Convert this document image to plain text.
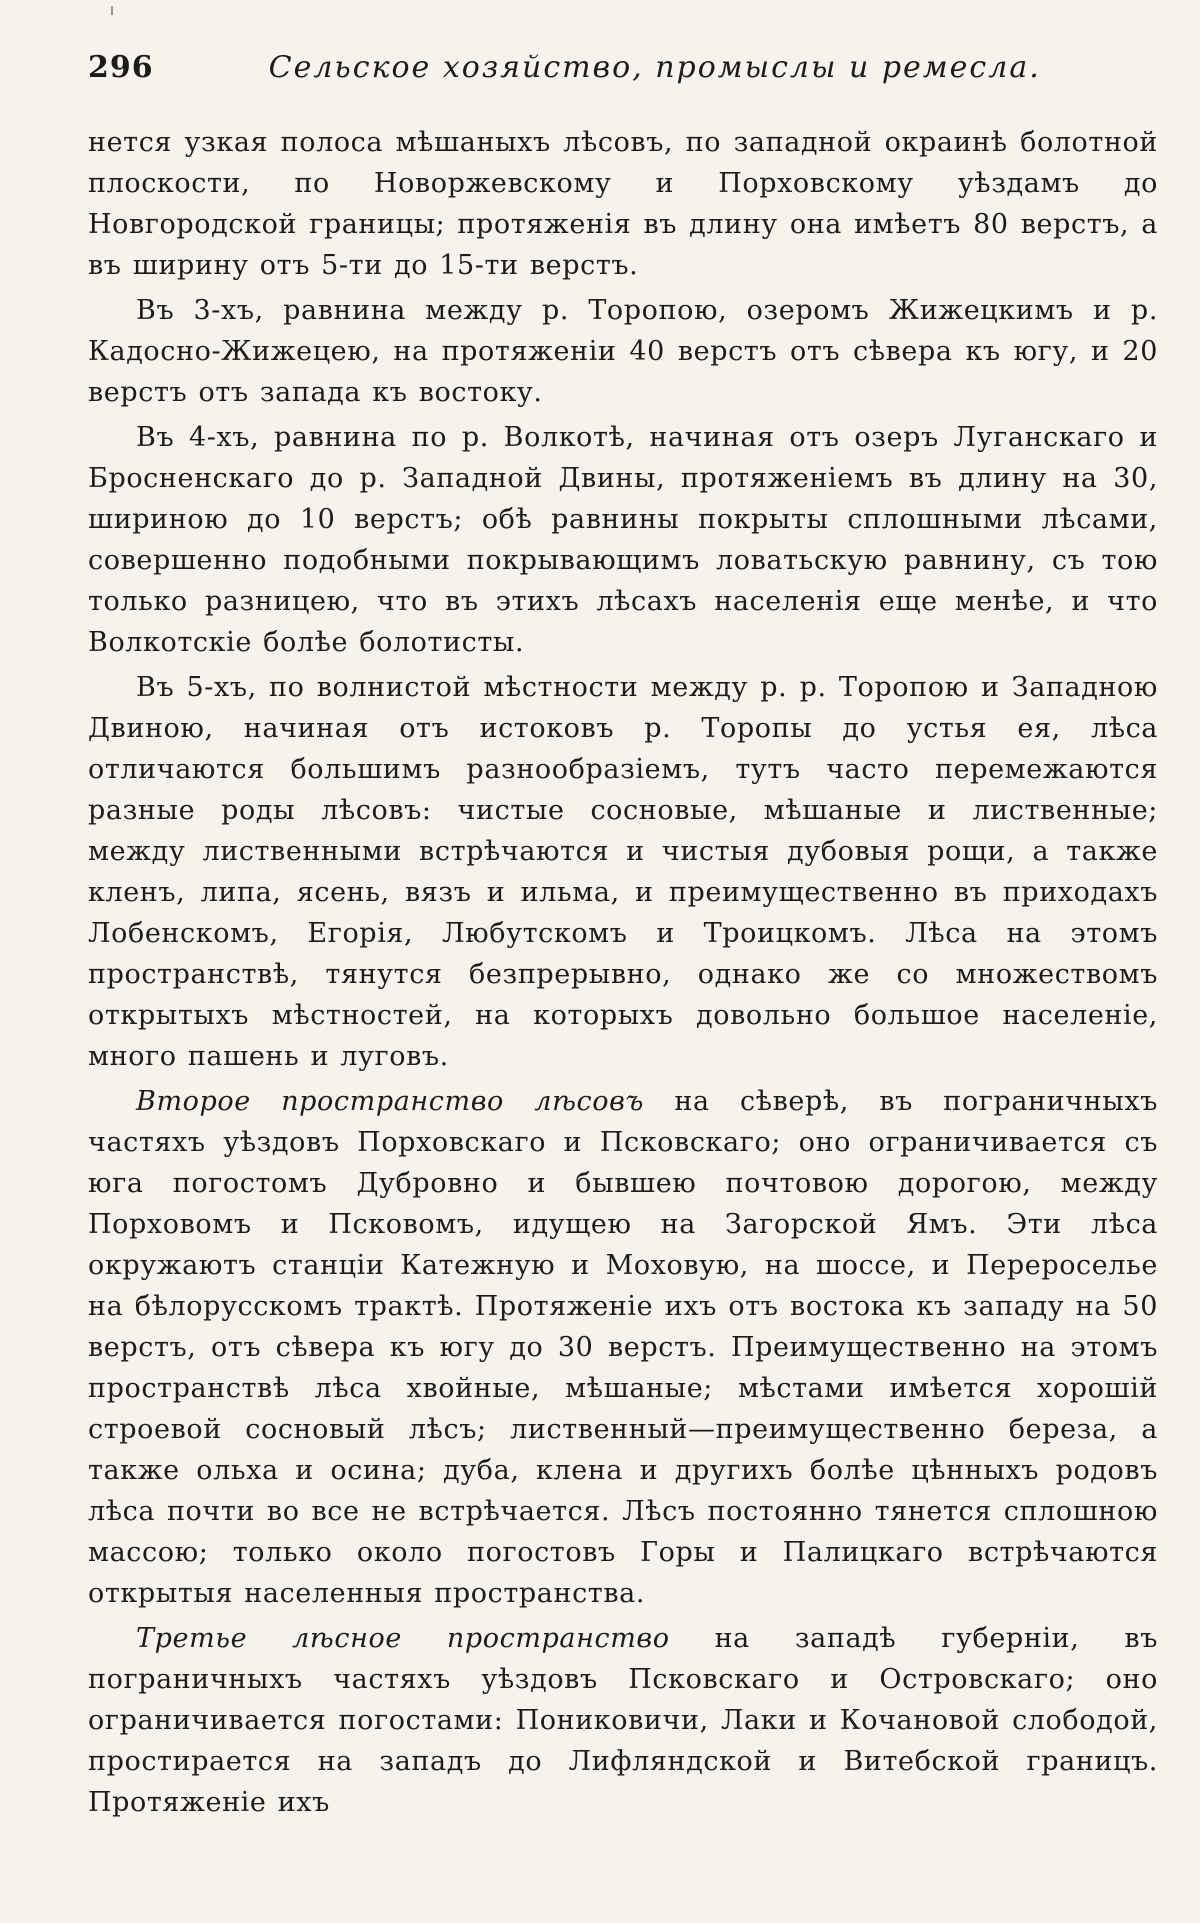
296	Сельское хозяйство, промыслы и ремесла.

нется узкая полоса мѣшаныхъ лѣсовъ, по западной окраинѣ болотной плоскости, по Новоржевскому и Порховскому уѣздамъ до Новгородской границы; протяженія въ длину она имѣетъ 80 верстъ, а въ ширину отъ 5-ти до 15-ти верстъ.

Въ 3-хъ, равнина между р. Торопою, озеромъ Жижецкимъ и р. Кадосно-Жижецею, на протяженіи 40 верстъ отъ сѣвера къ югу, и 20 верстъ отъ запада къ востоку.

Въ 4-хъ, равнина по р. Волкотѣ, начиная отъ озеръ Луганскаго и Бросненскаго до р. Западной Двины, протяженіемъ въ длину на 30, шириною до 10 верстъ; обѣ равнины покрыты сплошными лѣсами, совершенно подобными покрывающимъ ловатьскую равнину, съ тою только разницею, что въ этихъ лѣсахъ населенія еще менѣе, и что Волкотскіе болѣе болотисты.

Въ 5-хъ, по волнистой мѣстности между р. р. Торопою и Западною Двиною, начиная отъ истоковъ р. Торопы до устья ея, лѣса отличаются большимъ разнообразіемъ, тутъ часто перемежаются разные роды лѣсовъ: чистые сосновые, мѣшаные и лиственные; между лиственными встрѣчаются и чистыя дубовыя рощи, а также кленъ, липа, ясень, вязъ и ильма, и преимущественно въ приходахъ Лобенскомъ, Егорія, Любутскомъ и Троицкомъ. Лѣса на этомъ пространствѣ, тянутся безпрерывно, однако же со множествомъ открытыхъ мѣстностей, на которыхъ довольно большое населеніе, много пашень и луговъ.

Второе пространство лѣсовъ на сѣверѣ, въ пограничныхъ частяхъ уѣздовъ Порховскаго и Псковскаго; оно ограничивается съ юга погостомъ Дубровно и бывшею почтовою дорогою, между Порховомъ и Псковомъ, идущею на Загорской Ямъ. Эти лѣса окружаютъ станціи Катежную и Моховую, на шоссе, и Перероселье на бѣлорусскомъ трактѣ. Протяженіе ихъ отъ востока къ западу на 50 верстъ, отъ сѣвера къ югу до 30 верстъ. Преимущественно на этомъ пространствѣ лѣса хвойные, мѣшаные; мѣстами имѣется хорошій строевой сосновый лѣсъ; лиственный—преимущественно береза, а также ольха и осина; дуба, клена и другихъ болѣе цѣнныхъ родовъ лѣса почти во все не встрѣчается. Лѣсъ постоянно тянется сплошною массою; только около погостовъ Горы и Палицкаго встрѣчаются открытыя населенныя пространства.

Третье лѣсное пространство на западѣ губерніи, въ пограничныхъ частяхъ уѣздовъ Псковскаго и Островскаго; оно ограничивается погостами: Пониковичи, Лаки и Кочановой слободой, простирается на западъ до Лифляндской и Витебской границъ. Протяженіе ихъ
